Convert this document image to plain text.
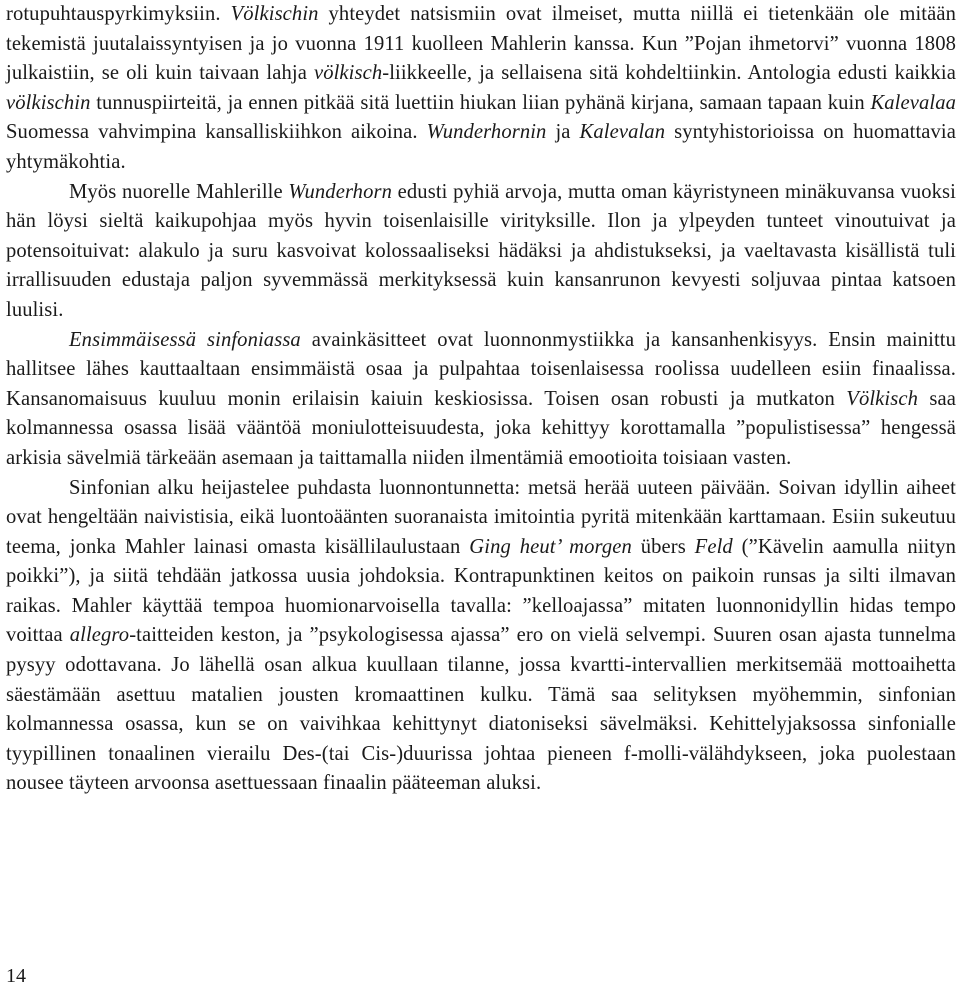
rotupuhtauspyrkimyksiin. Völkischin yhteydet natsismiin ovat ilmeiset, mutta niillä ei tietenkään ole mitään tekemistä juutalaissyntyisen ja jo vuonna 1911 kuolleen Mahlerin kanssa. Kun ”Pojan ihmetorvi” vuonna 1808 julkaistiin, se oli kuin taivaan lahja völkisch-liikkeelle, ja sellaisena sitä kohdeltiinkin. Antologia edusti kaikkia völkischin tunnuspiirteitä, ja ennen pitkää sitä luettiin hiukan liian pyhänä kirjana, samaan tapaan kuin Kalevalaa Suomessa vahvimpina kansalliskiihkon aikoina. Wunderhornin ja Kalevalan syntyhistorioissa on huomattavia yhtymäkohtia.

Myös nuorelle Mahlerille Wunderhorn edusti pyhiä arvoja, mutta oman käyristyneen minäkuvansa vuoksi hän löysi sieltä kaikupohjaa myös hyvin toisenlaisille virityksille. Ilon ja ylpeyden tunteet vinoutuivat ja potensoituivat: alakulo ja suru kasvoivat kolossaaliseksi hädäksi ja ahdistukseksi, ja vaeltavasta kisällistä tuli irrallisuuden edustaja paljon syvemmässä merkityksessä kuin kansanrunon kevyesti soljuvaa pintaa katsoen luulisi.

Ensimmäisessä sinfoniassa avainkäsitteet ovat luonnonmystiikka ja kansanhenkisyys. Ensin mainittu hallitsee lähes kauttaaltaan ensimmäistä osaa ja pulpahtaa toisenlaisessa roolissa uudelleen esiin finaalissa. Kansanomaisuus kuuluu monin erilaisin kaiuin keskiosissa. Toisen osan robusti ja mutkaton Völkisch saa kolmannessa osassa lisää vääntöä moniulotteisuudesta, joka kehittyy korottamalla ”populistisessa” hengessä arkisia sävelmiä tärkeään asemaan ja taittamalla niiden ilmentämiä emootioita toisiaan vasten.

Sinfonian alku heijastelee puhdasta luonnontunnetta: metsä herää uuteen päivään. Soivan idyllin aiheet ovat hengeltään naivistisia, eikä luontoäänten suoranaista imitointia pyritä mitenkään karttamaan. Esiin sukeutuu teema, jonka Mahler lainasi omasta kisällilaulustaan Ging heut’ morgen übers Feld (”Kävelin aamulla niityn poikki”), ja siitä tehdään jatkossa uusia johdoksia. Kontrapunktinen keitos on paikoin runsas ja silti ilmavan raikas. Mahler käyttää tempoa huomionarvoisella tavalla: ”kelloajassa” mitaten luonnonidyllin hidas tempo voittaa allegro-taitteiden keston, ja ”psykologisessa ajassa” ero on vielä selvempi. Suuren osan ajasta tunnelma pysyy odottavana. Jo lähellä osan alkua kuullaan tilanne, jossa kvartti-intervallien merkitsemää mottoaihetta säestämään asettuu matalien jousten kromaattinen kulku. Tämä saa selityksen myöhemmin, sinfonian kolmannessa osassa, kun se on vaivihkaa kehittynyt diatoniseksi sävelmäksi. Kehittelyjaksossa sinfonialle tyypillinen tonaalinen vierailu Des-(tai Cis-)duurissa johtaa pieneen f-molli-välähdykseen, joka puolestaan nousee täyteen arvoonsa asettuessaan finaalin pääteeman aluksi.

14
